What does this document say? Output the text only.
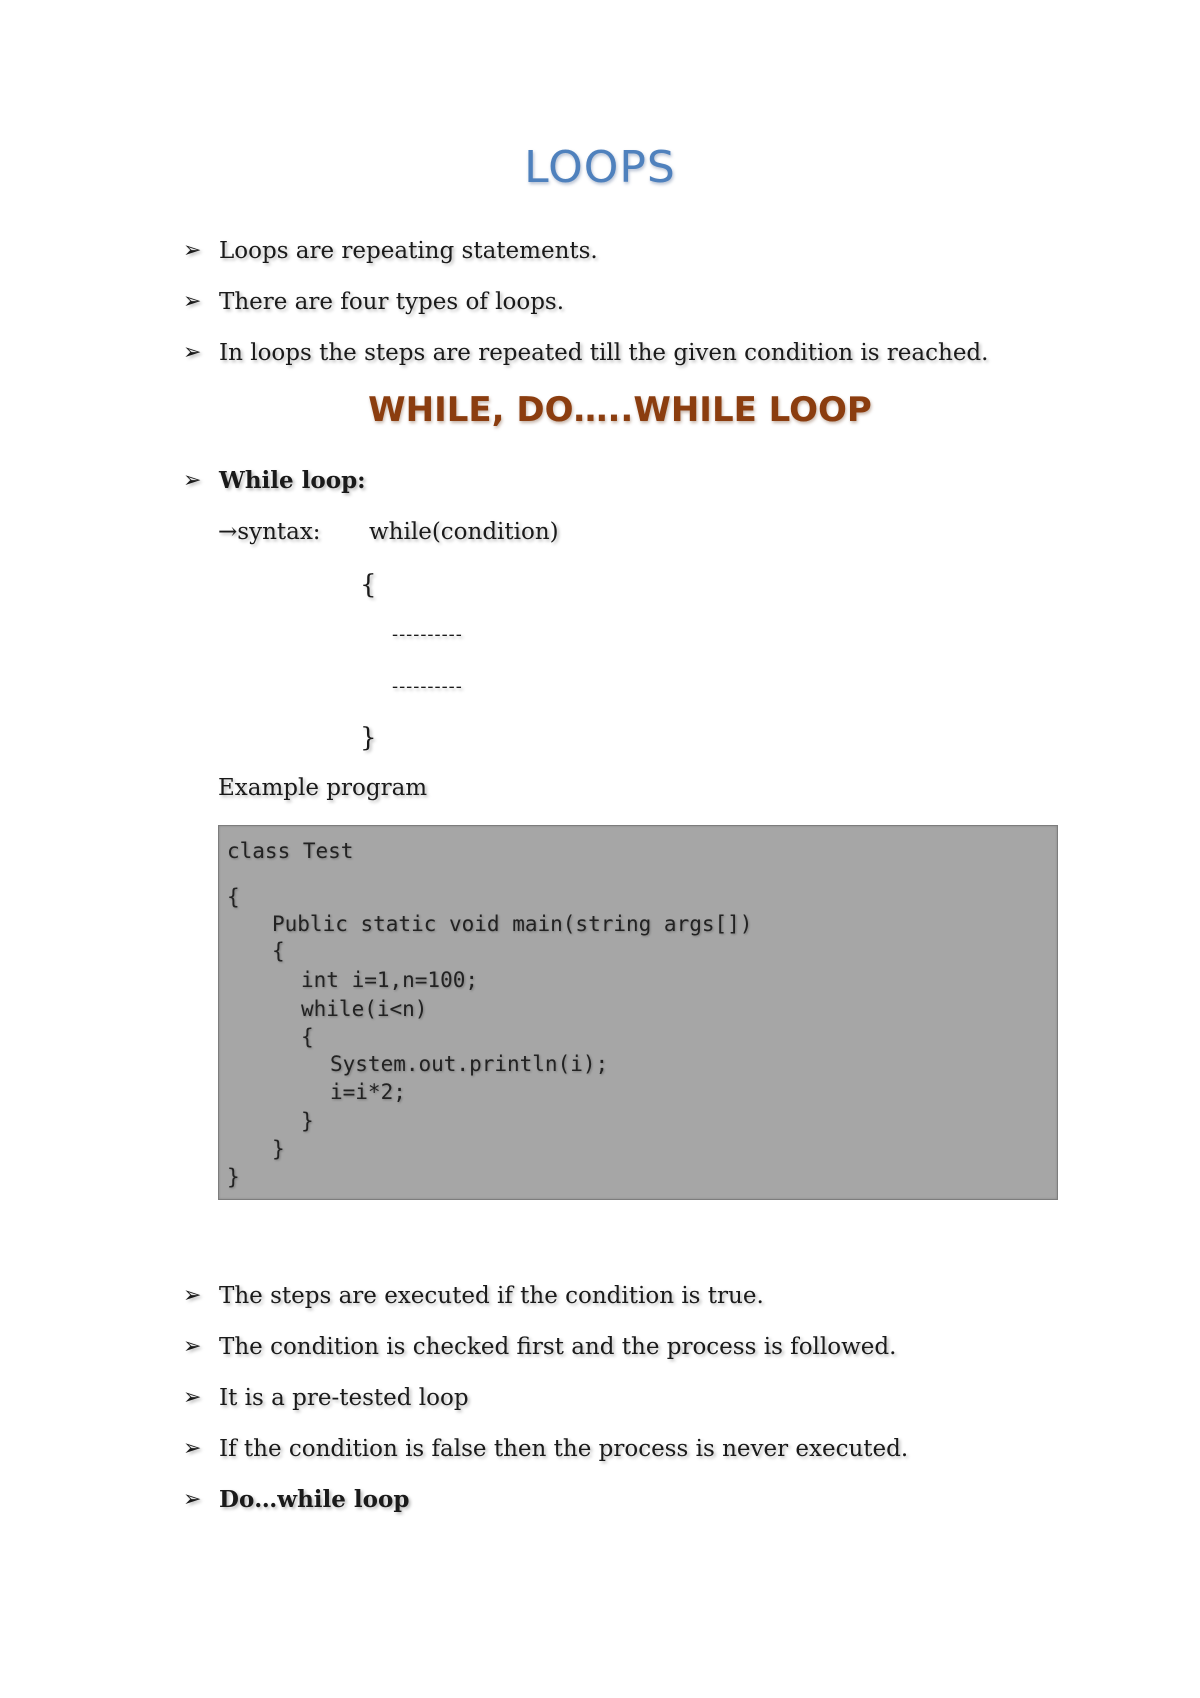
LOOPS
➢ Loops are repeating statements.
➢ There are four types of loops.
➢ In loops the steps are repeated till the given condition is reached.
WHILE, DO…..WHILE LOOP
➢ While loop:
→syntax: while(condition)
{
----------
----------
}
Example program
class Test
{
Public static void main(string args[])
{
int i=1,n=100;
while(i<n)
{
System.out.println(i);
i=i*2;
}
}
}
➢ The steps are executed if the condition is true.
➢ The condition is checked first and the process is followed.
➢ It is a pre-tested loop
➢ If the condition is false then the process is never executed.
➢ Do…while loop
